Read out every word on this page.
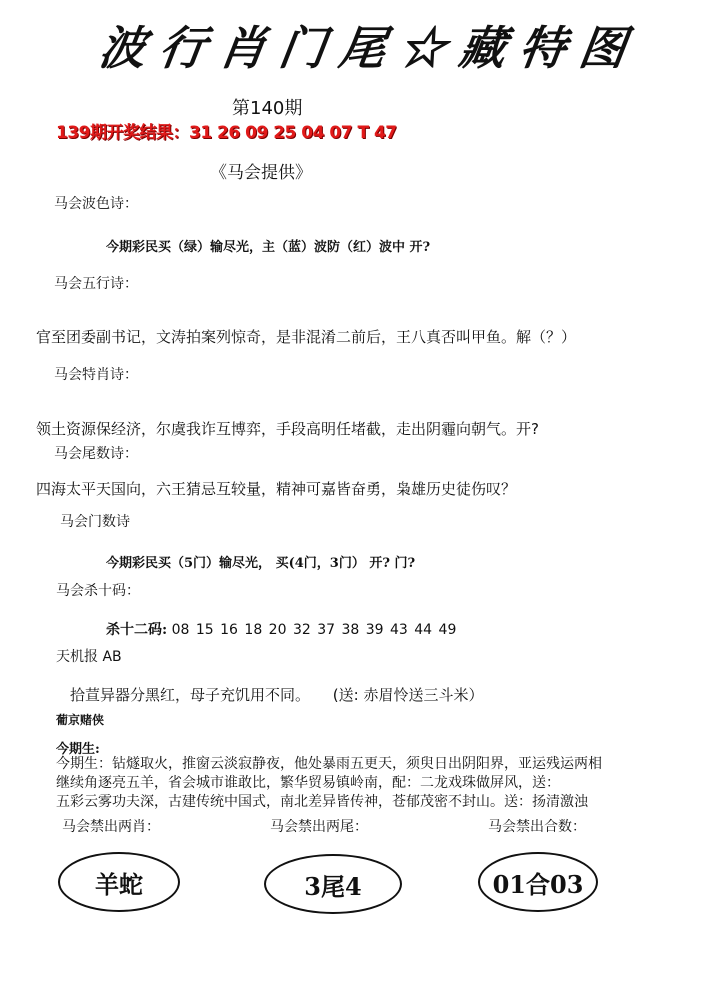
波行肖门尾☆藏特图
第140期
139期开奖结果：31 26 09 25 04 07 T 47
《马会提供》
马会波色诗：
今期彩民买（绿）输尽光，主（蓝）波防（红）波中 开?
马会五行诗：
官至团委副书记，文涛拍案列惊奇，是非混淆二前后，王八真否叫甲鱼。解（？）
马会特肖诗：
领土资源保经济，尔虞我诈互博弈，手段高明任堵截，走出阴霾向朝气。开?
马会尾数诗：
四海太平天国向，六王猜忌互较量，精神可嘉皆奋勇，枭雄历史徒伤叹？
马会门数诗
今期彩民买（5门）输尽光， 买(4门，3门） 开? 门?
马会杀十码：
杀十二码: 08 15 16 18 20 32 37 38 39 43 44 49
天机报 AB
拾荁异器分黑红，母子充饥用不同。 (送: 赤眉怜送三斗米）
葡京赌侠
今期生:
今期生：钻燧取火，推窗云淡寂静夜，他处暴雨五更天，须臾日出阴阳界，亚运残运两相
继续角逐亮五羊，省会城市谁敢比，繁华贸易镇岭南，配：二龙戏珠做屏风，送：
五彩云雾功夫深，古建传统中国式，南北差异皆传神，苍郁茂密不封山。送：扬清激浊
马会禁出两肖：	马会禁出两尾：	马会禁出合数：
羊蛇	3尾4	01合03
